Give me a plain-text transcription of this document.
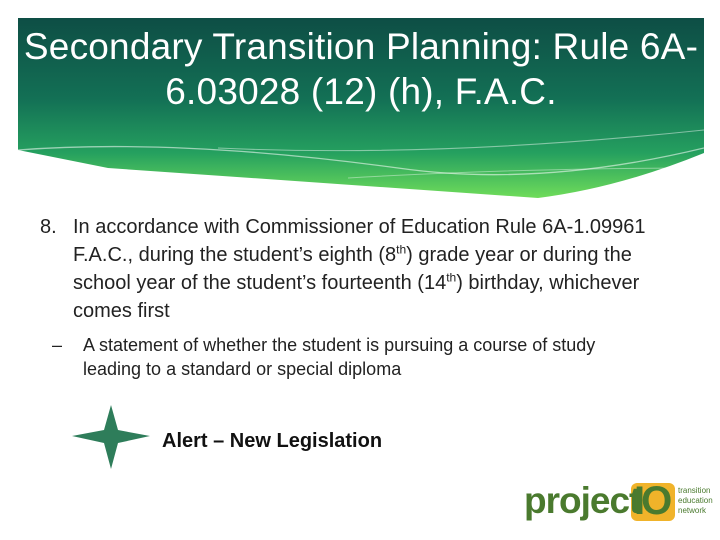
Secondary Transition Planning: Rule 6A-6.03028 (12) (h), F.A.C.
8. In accordance with Commissioner of Education Rule 6A-1.09961 F.A.C., during the student’s eighth (8th) grade year or during the school year of the student’s fourteenth (14th) birthday, whichever comes first
–	A statement of whether the student is pursuing a course of study leading to a standard or special diploma
Alert – New Legislation
project
IO transition
education
network
